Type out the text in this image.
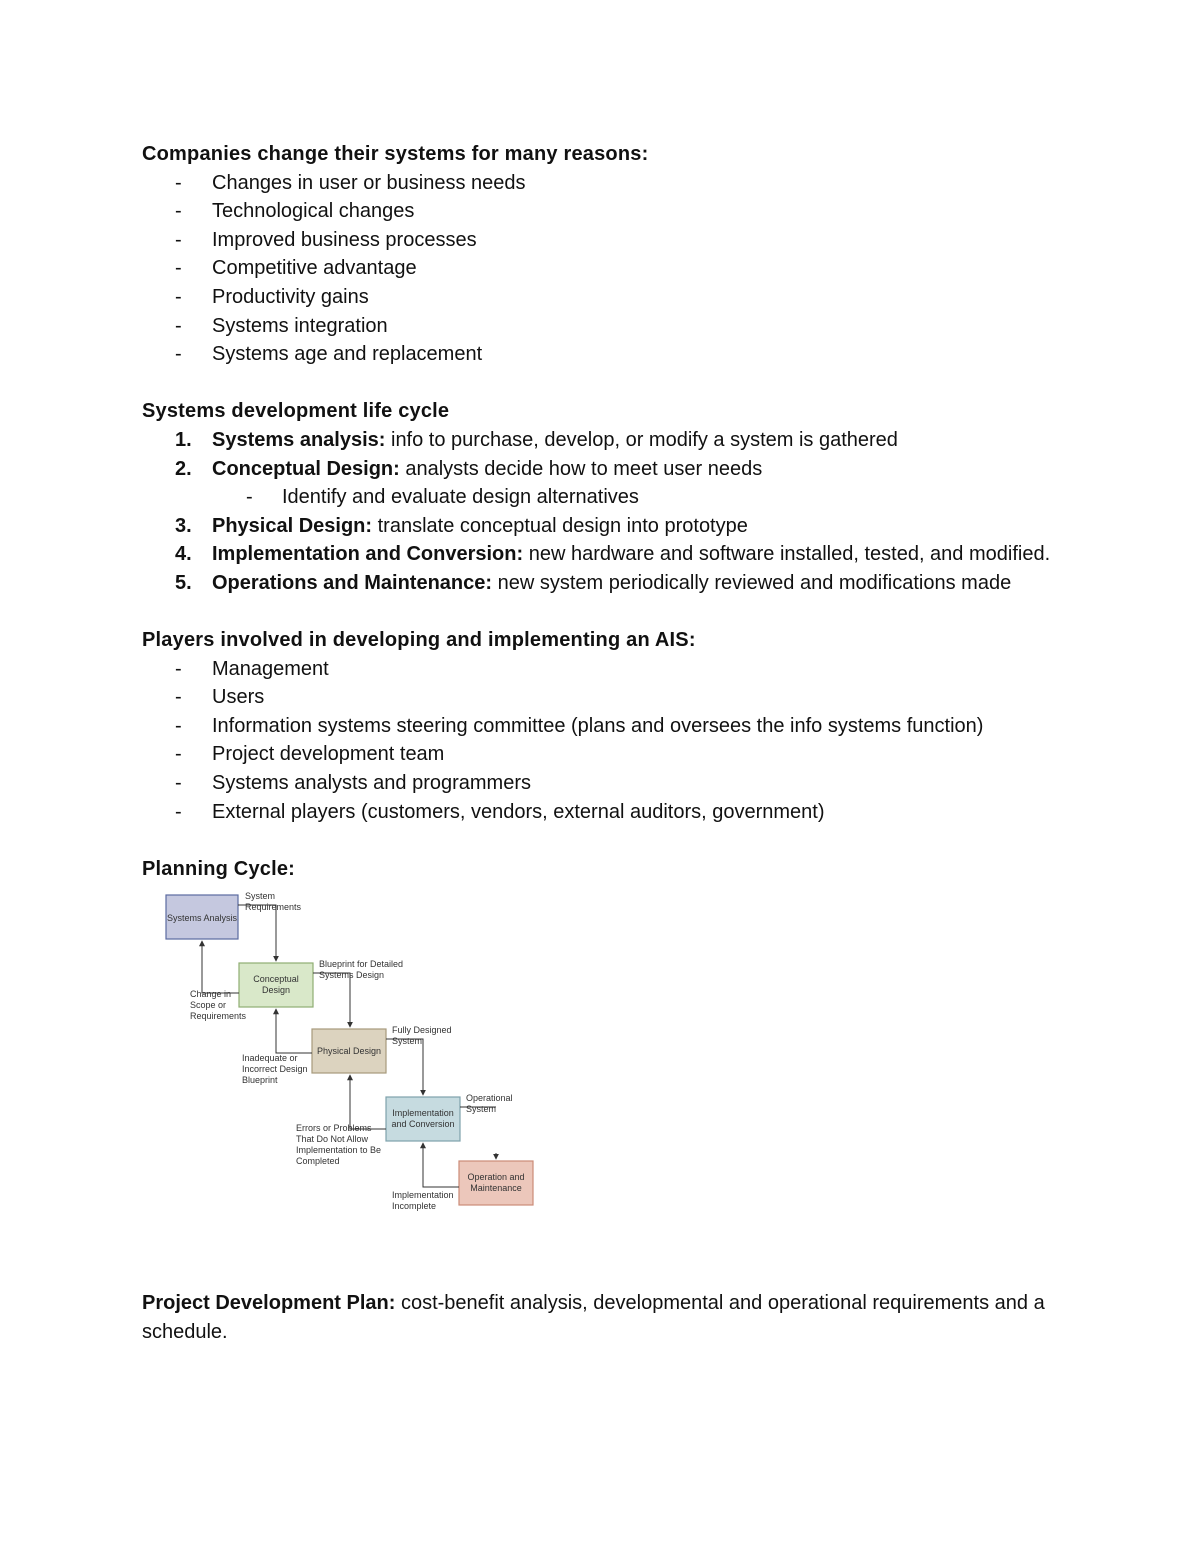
Companies change their systems for many reasons:

- Changes in user or business needs
- Technological changes
- Improved business processes
- Competitive advantage
- Productivity gains
- Systems integration
- Systems age and replacement

Systems development life cycle

1. Systems analysis: info to purchase, develop, or modify a system is gathered
2. Conceptual Design: analysts decide how to meet user needs
- Identify and evaluate design alternatives
3. Physical Design: translate conceptual design into prototype
4. Implementation and Conversion: new hardware and software installed, tested, and modified.
5. Operations and Maintenance: new system periodically reviewed and modifications made

Players involved in developing and implementing an AIS:

- Management
- Users
- Information systems steering committee (plans and oversees the info systems function)
- Project development team
- Systems analysts and programmers
- External players (customers, vendors, external auditors, government)

Planning Cycle:

Systems Analysis
Conceptual
Design
Physical Design
Implementation
and Conversion
Operation and
Maintenance
System
Requirements
Blueprint for Detailed
Systems Design
Fully Designed
System
Operational
System
Change in
Scope or
Requirements
Inadequate or
Incorrect Design
Blueprint
Errors or Problems
That Do Not Allow
Implementation to Be
Completed
Implementation
Incomplete

Project Development Plan: cost-benefit analysis, developmental and operational requirements and a schedule.
